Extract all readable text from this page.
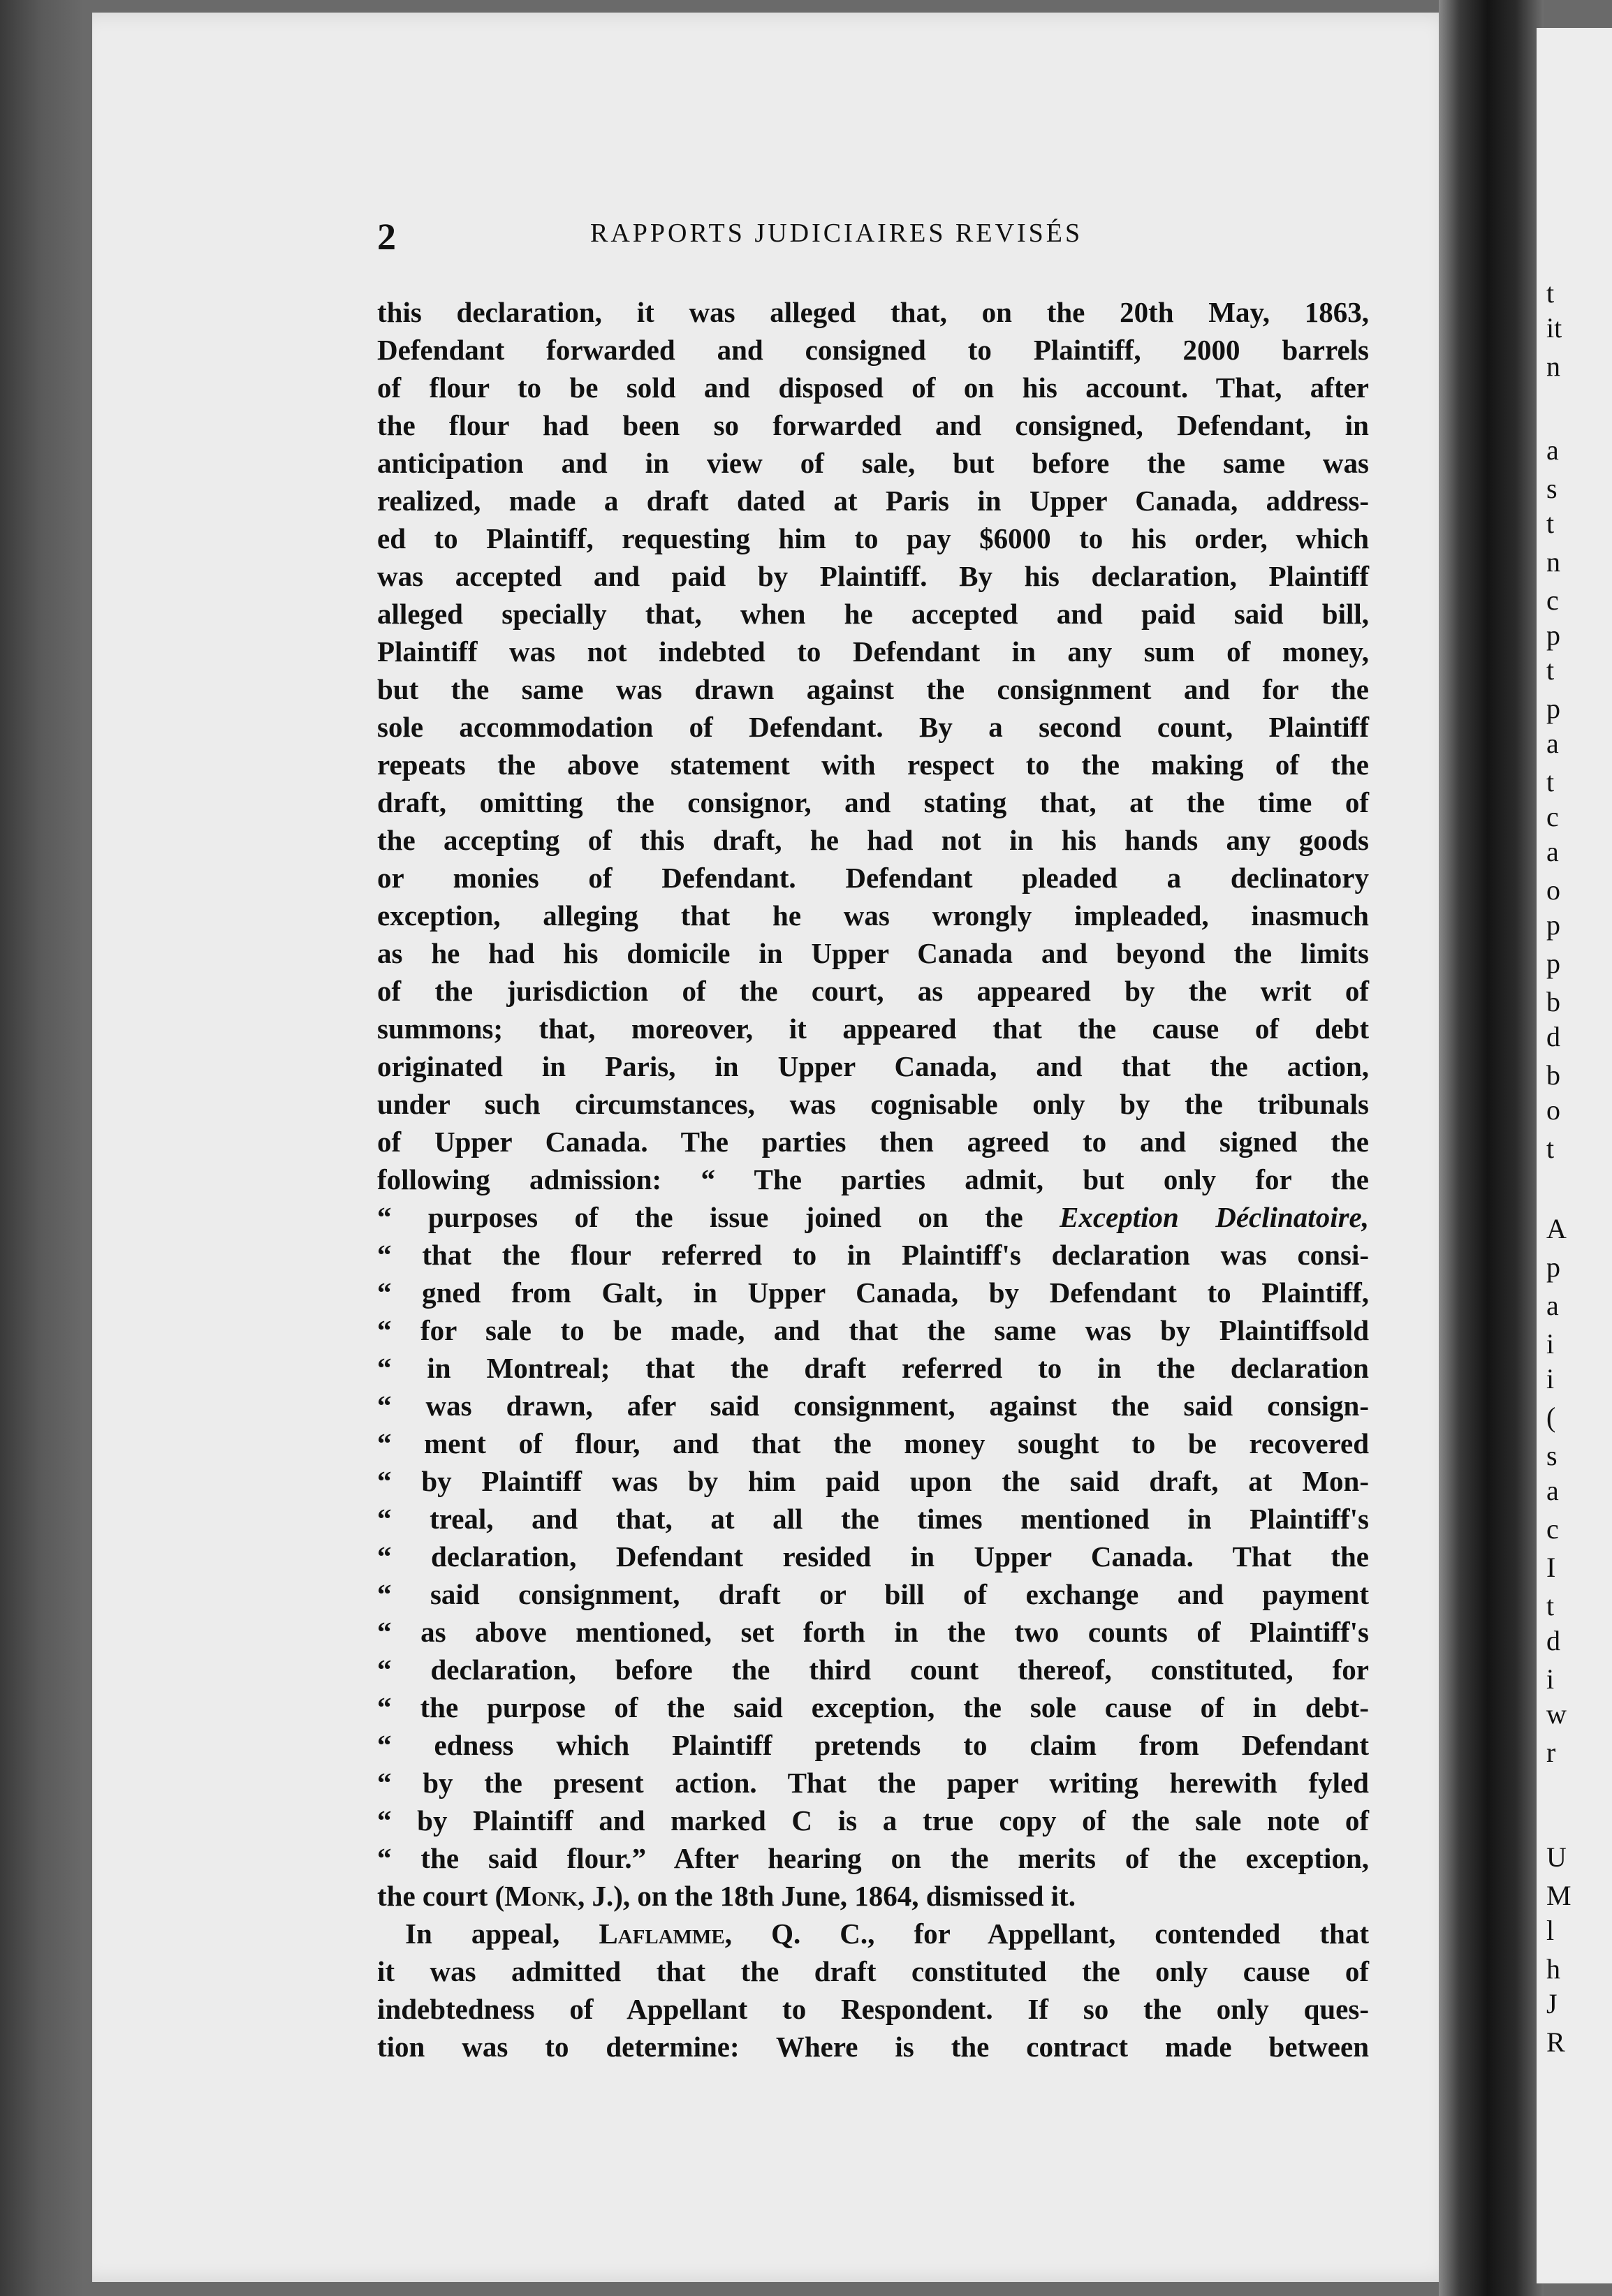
t
it
n
a
s
t
n
c
p
t
p
a
t
c
a
o
p
p
b
d
b
o
t
A
p
a
i
i
(
s
a
c
I
t
d
i
w
r
U
M
l
h
J
R
2	RAPPORTS JUDICIAIRES REVISÉS
this declaration, it was alleged that, on the 20th May, 1863,
Defendant forwarded and consigned to Plaintiff, 2000 barrels
of flour to be sold and disposed of on his account. That, after
the flour had been so forwarded and consigned, Defendant, in
anticipation and in view of sale, but before the same was
realized, made a draft dated at Paris in Upper Canada, address-
ed to Plaintiff, requesting him to pay $6000 to his order, which
was accepted and paid by Plaintiff. By his declaration, Plaintiff
alleged specially that, when he accepted and paid said bill,
Plaintiff was not indebted to Defendant in any sum of money,
but the same was drawn against the consignment and for the
sole accommodation of Defendant. By a second count, Plaintiff
repeats the above statement with respect to the making of the
draft, omitting the consignor, and stating that, at the time of
the accepting of this draft, he had not in his hands any goods
or monies of Defendant. Defendant pleaded a declinatory
exception, alleging that he was wrongly impleaded, inasmuch
as he had his domicile in Upper Canada and beyond the limits
of the jurisdiction of the court, as appeared by the writ of
summons; that, moreover, it appeared that the cause of debt
originated in Paris, in Upper Canada, and that the action,
under such circumstances, was cognisable only by the tribunals
of Upper Canada. The parties then agreed to and signed the
following admission: “ The parties admit, but only for the
“ purposes of the issue joined on the Exception Déclinatoire,
“ that the flour referred to in Plaintiff's declaration was consi-
“ gned from Galt, in Upper Canada, by Defendant to Plaintiff,
“ for sale to be made, and that the same was by Plaintiffsold
“ in Montreal; that the draft referred to in the declaration
“ was drawn, afer said consignment, against the said consign-
“ ment of flour, and that the money sought to be recovered
“ by Plaintiff was by him paid upon the said draft, at Mon-
“ treal, and that, at all the times mentioned in Plaintiff's
“ declaration, Defendant resided in Upper Canada. That the
“ said consignment, draft or bill of exchange and payment
“ as above mentioned, set forth in the two counts of Plaintiff's
“ declaration, before the third count thereof, constituted, for
“ the purpose of the said exception, the sole cause of in debt-
“ edness which Plaintiff pretends to claim from Defendant
“ by the present action. That the paper writing herewith fyled
“ by Plaintiff and marked C is a true copy of the sale note of
“ the said flour.” After hearing on the merits of the exception,
the court (Monk, J.), on the 18th June, 1864, dismissed it.
In appeal, Laflamme, Q. C., for Appellant, contended that
it was admitted that the draft constituted the only cause of
indebtedness of Appellant to Respondent. If so the only ques-
tion was to determine: Where is the contract made between
